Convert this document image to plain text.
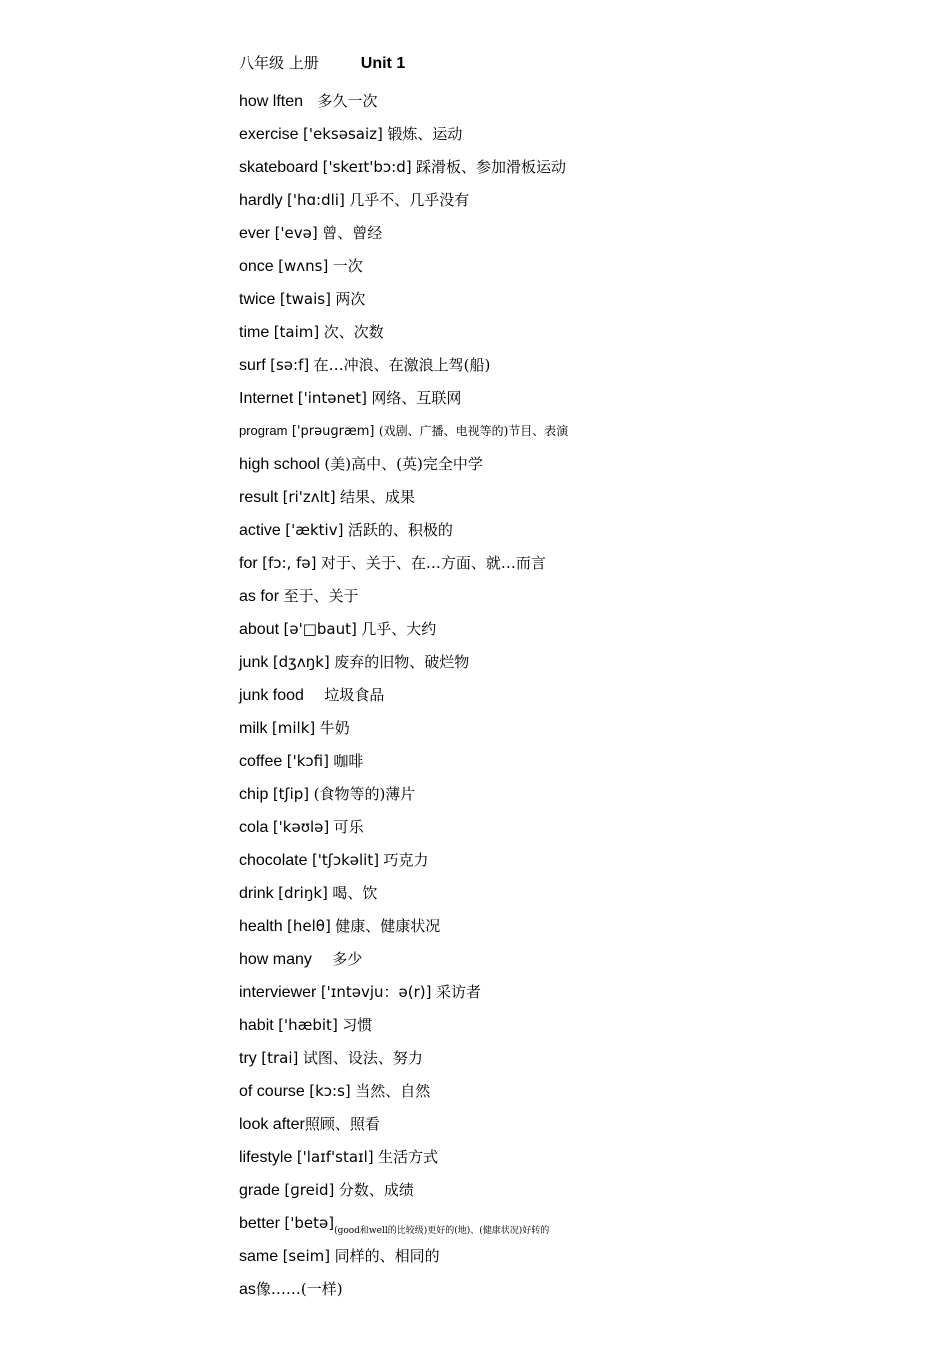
八年级 上册	Unit 1
how lften 多久一次
exercise ['eksəsaiz] 锻炼、运动
skateboard ['skeɪt'bɔ:d] 踩滑板、参加滑板运动
hardly ['hɑ:dli] 几乎不、几乎没有
ever ['evə] 曾、曾经
once [wʌns] 一次
twice [twais] 两次
time [taim] 次、次数
surf [sə:f] 在…冲浪、在激浪上驾(船)
Internet ['intənet] 网络、互联网
program ['prəuɡræm] (戏剧、广播、电视等的)节目、表演
high school (美)高中、(英)完全中学
result [ri'zʌlt] 结果、成果
active ['æktiv] 活跃的、积极的
for [fɔ:, fə] 对于、关于、在…方面、就…而言
as for 至于、关于
about [ə'□baut] 几乎、大约
junk [dʒʌŋk] 废弃的旧物、破烂物
junk food 垃圾食品
milk [milk] 牛奶
coffee ['kɔfi] 咖啡
chip [tʃip] (食物等的)薄片
cola ['kəʊlə] 可乐
chocolate ['tʃɔkəlit] 巧克力
drink [driŋk] 喝、饮
health [helθ] 健康、健康状况
how many 多少
interviewer ['ɪntəvju：ə(r)] 采访者
habit ['hæbit] 习惯
try [trai] 试图、设法、努力
of course [kɔ:s] 当然、自然
look after照顾、照看
lifestyle ['laɪf'staɪl] 生活方式
grade [ɡreid] 分数、成绩
better $['betə]_{(good和well的比较级)更好的(地)、(健康状况)好转的}$
same [seim] 同样的、相同的
as像……(一样)
